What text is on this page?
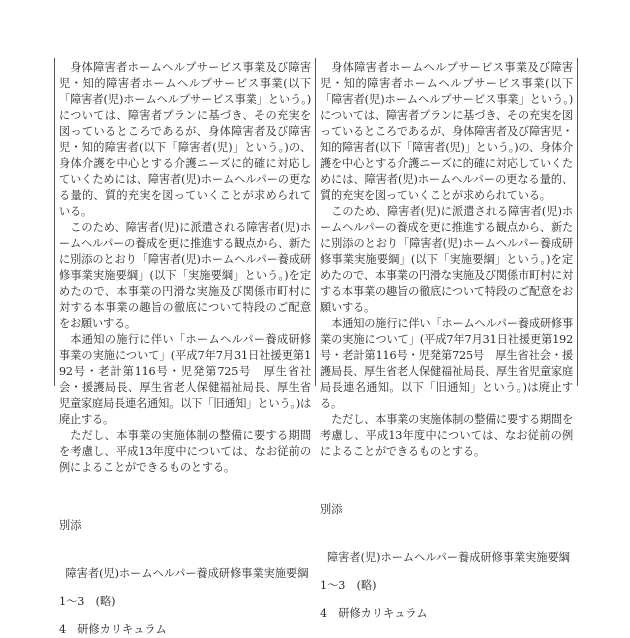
身体障害者ホームヘルプサービス事業及び障害児・知的障害者ホームヘルプサービス事業(以下「障害者(児)ホームヘルプサービス事業」という。)については、障害者プランに基づき、その充実を図っているところであるが、身体障害者及び障害児・知的障害者(以下「障害者(児)」という。)の、身体介護を中心とする介護ニーズに的確に対応していくためには、障害者(児)ホームヘルパーの更なる量的、質的充実を図っていくことが求められている。

このため、障害者(児)に派遣される障害者(児)ホームヘルパーの養成を更に推進する観点から、新たに別添のとおり「障害者(児)ホームヘルパー養成研修事業実施要綱」(以下「実施要綱」という。)を定めたので、本事業の円滑な実施及び関係市町村に対する本事業の趣旨の徹底について特段のご配意をお願いする。

本通知の施行に伴い「ホームヘルパー養成研修事業の実施について」(平成7年7月31日社援更第192号・老計第116号・児発第725号　厚生省社会・援護局長、厚生省老人保健福祉局長、厚生省児童家庭局長連名通知。以下「旧通知」という。)は廃止する。

ただし、本事業の実施体制の整備に要する期間を考慮し、平成13年度中については、なお従前の例によることができるものとする。

別添

障害者(児)ホームヘルパー養成研修事業実施要綱

1〜3　(略)

4　研修カリキュラム

身体障害者ホームヘルプサービス事業及び障害児・知的障害者ホームヘルプサービス事業(以下「障害者(児)ホームヘルプサービス事業」という。)については、障害者プランに基づき、その充実を図っているところであるが、身体障害者及び障害児・知的障害者(以下「障害者(児)」という。)の、身体介護を中心とする介護ニーズに的確に対応していくためには、障害者(児)ホームヘルパーの更なる量的、質的充実を図っていくことが求められている。

このため、障害者(児)に派遣される障害者(児)ホームヘルパーの養成を更に推進する観点から、新たに別添のとおり「障害者(児)ホームヘルパー養成研修事業実施要綱」(以下「実施要綱」という。)を定めたので、本事業の円滑な実施及び関係市町村に対する本事業の趣旨の徹底について特段のご配意をお願いする。

本通知の施行に伴い「ホームヘルパー養成研修事業の実施について」(平成7年7月31日社援更第192号・老計第116号・児発第725号　厚生省社会・援護局長、厚生省老人保健福祉局長、厚生省児童家庭局長連名通知。以下「旧通知」という。)は廃止する。

ただし、本事業の実施体制の整備に要する期間を考慮し、平成13年度中については、なお従前の例によることができるものとする。

別添

障害者(児)ホームヘルパー養成研修事業実施要綱

1〜3　(略)

4　研修カリキュラム
